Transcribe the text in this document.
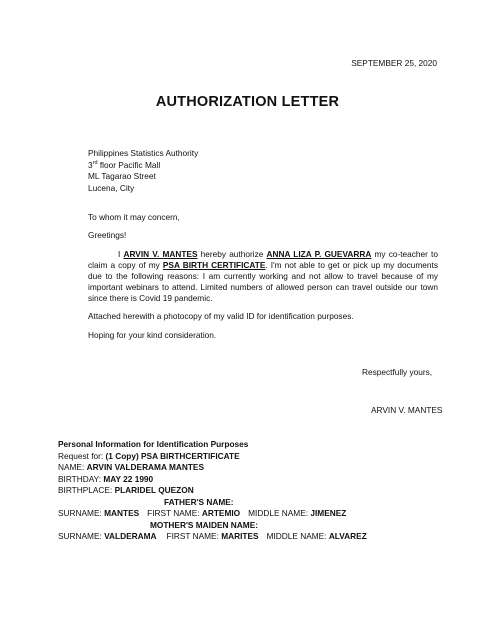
SEPTEMBER 25, 2020
AUTHORIZATION LETTER
Philippines Statistics Authority
3rd floor Pacific Mall
ML Tagarao Street
Lucena, City
To whom it may concern,
Greetings!

I ARVIN V. MANTES hereby authorize ANNA LIZA P. GUEVARRA my co-teacher to claim a copy of my PSA BIRTH CERTIFICATE. I'm not able to get or pick up my documents due to the following reasons: I am currently working and not allow to travel because of my important webinars to attend. Limited numbers of allowed person can travel outside our town since there is Covid 19 pandemic.

Attached herewith a photocopy of my valid ID for identification purposes.
Hoping for your kind consideration.
Respectfully yours,
ARVIN V. MANTES
Personal Information for Identification Purposes
Request for: (1 Copy) PSA BIRTHCERTIFICATE
NAME: ARVIN VALDERAMA MANTES
BIRTHDAY: MAY 22 1990
BIRTHPLACE: PLARIDEL QUEZON
FATHER'S NAME:
SURNAME: MANTES FIRST NAME: ARTEMIO MIDDLE NAME: JIMENEZ
MOTHER'S MAIDEN NAME:
SURNAME: VALDERAMA FIRST NAME: MARITES MIDDLE NAME: ALVAREZ
